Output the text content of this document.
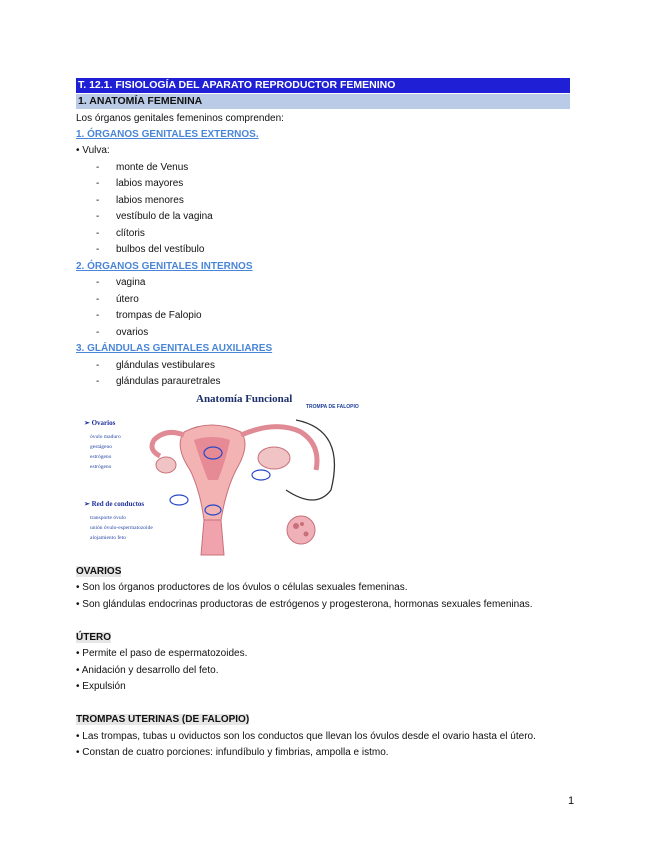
T. 12.1. FISIOLOGÍA DEL APARATO REPRODUCTOR FEMENINO
1. ANATOMÍA FEMENINA
Los órganos genitales femeninos comprenden:
1. ÓRGANOS GENITALES EXTERNOS.
• Vulva:
- monte de Venus
- labios mayores
- labios menores
- vestíbulo de la vagina
- clítoris
- bulbos del vestíbulo
2. ÓRGANOS GENITALES INTERNOS
- vagina
- útero
- trompas de Falopio
- ovarios
3. GLÁNDULAS GENITALES AUXILIARES
- glándulas vestibulares
- glándulas parauretrales
Anatomía Funcional
TROMPA DE FALOPIO
➢ Ovarios
óvulo maduro
gestágeno
estrógeno
estrógeno
➢ Red de conductos
transporte óvulo
unión óvulo-espermatozoide
alojamiento feto
OVARIOS
• Son los órganos productores de los óvulos o células sexuales femeninas.
• Son glándulas endocrinas productoras de estrógenos y progesterona, hormonas sexuales femeninas.
ÚTERO
• Permite el paso de espermatozoides.
• Anidación y desarrollo del feto.
• Expulsión
TROMPAS UTERINAS (DE FALOPIO)
• Las trompas, tubas u oviductos son los conductos que llevan los óvulos desde el ovario hasta el útero.
• Constan de cuatro porciones: infundíbulo y fimbrias, ampolla e istmo.
1
